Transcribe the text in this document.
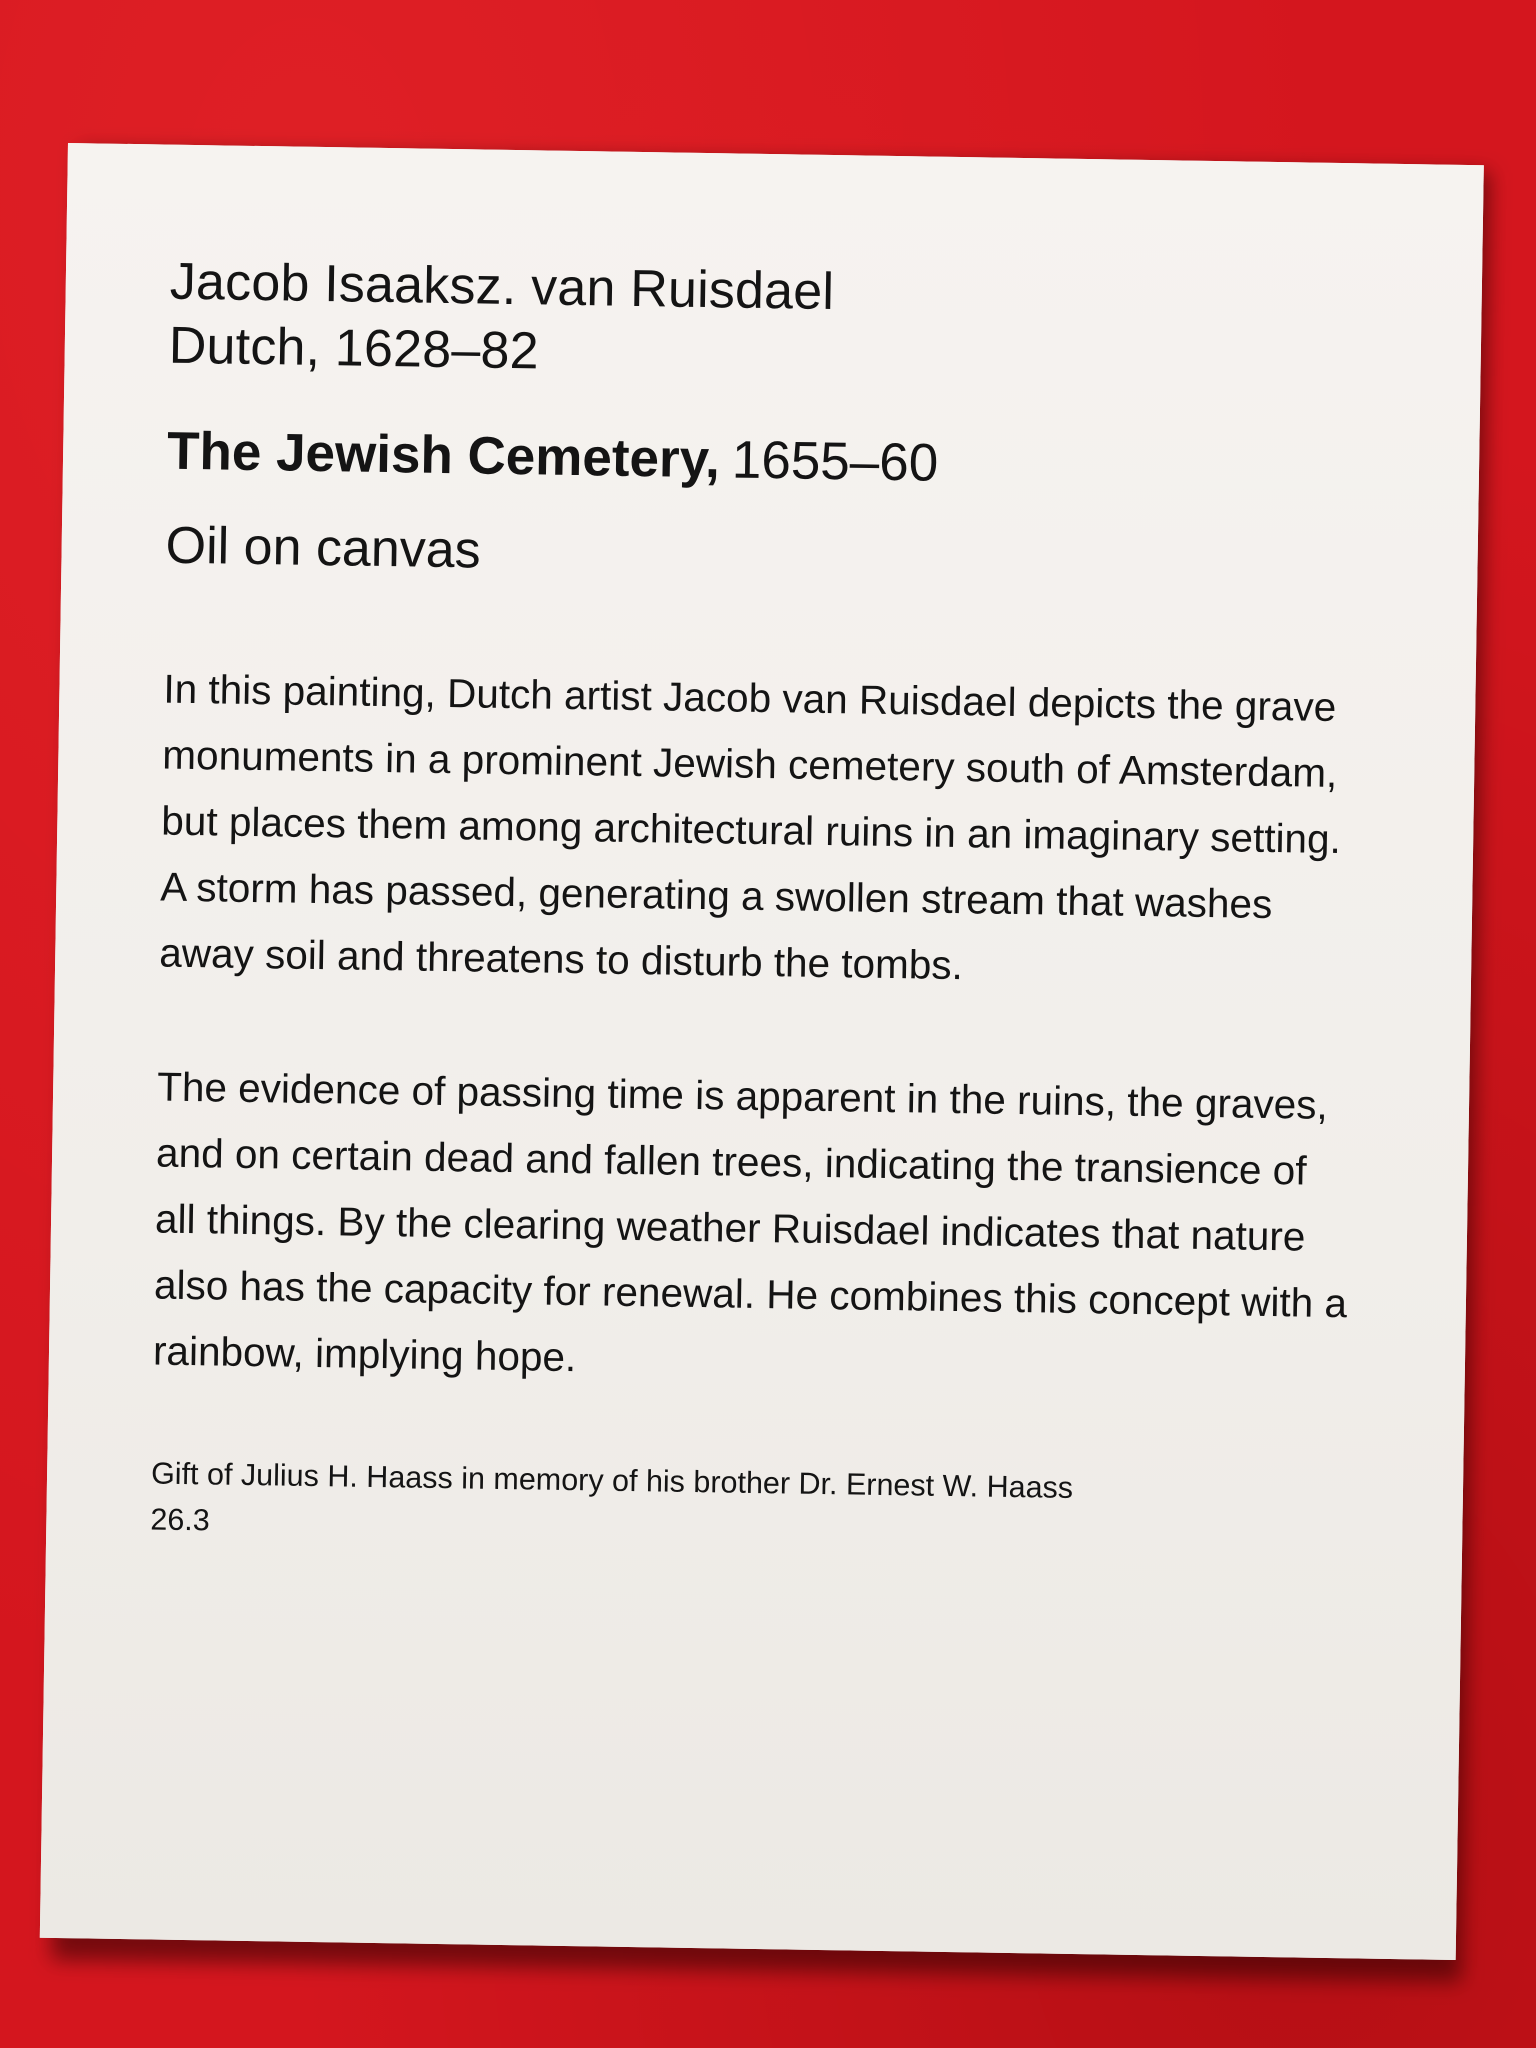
Jacob Isaaksz. van Ruisdael
Dutch, 1628–82
The Jewish Cemetery, 1655–60
Oil on canvas

In this painting, Dutch artist Jacob van Ruisdael depicts the grave monuments in a prominent Jewish cemetery south of Amsterdam, but places them among architectural ruins in an imaginary setting. A storm has passed, generating a swollen stream that washes away soil and threatens to disturb the tombs.

The evidence of passing time is apparent in the ruins, the graves, and on certain dead and fallen trees, indicating the transience of all things. By the clearing weather Ruisdael indicates that nature also has the capacity for renewal. He combines this concept with a rainbow, implying hope.

Gift of Julius H. Haass in memory of his brother Dr. Ernest W. Haass
26.3
